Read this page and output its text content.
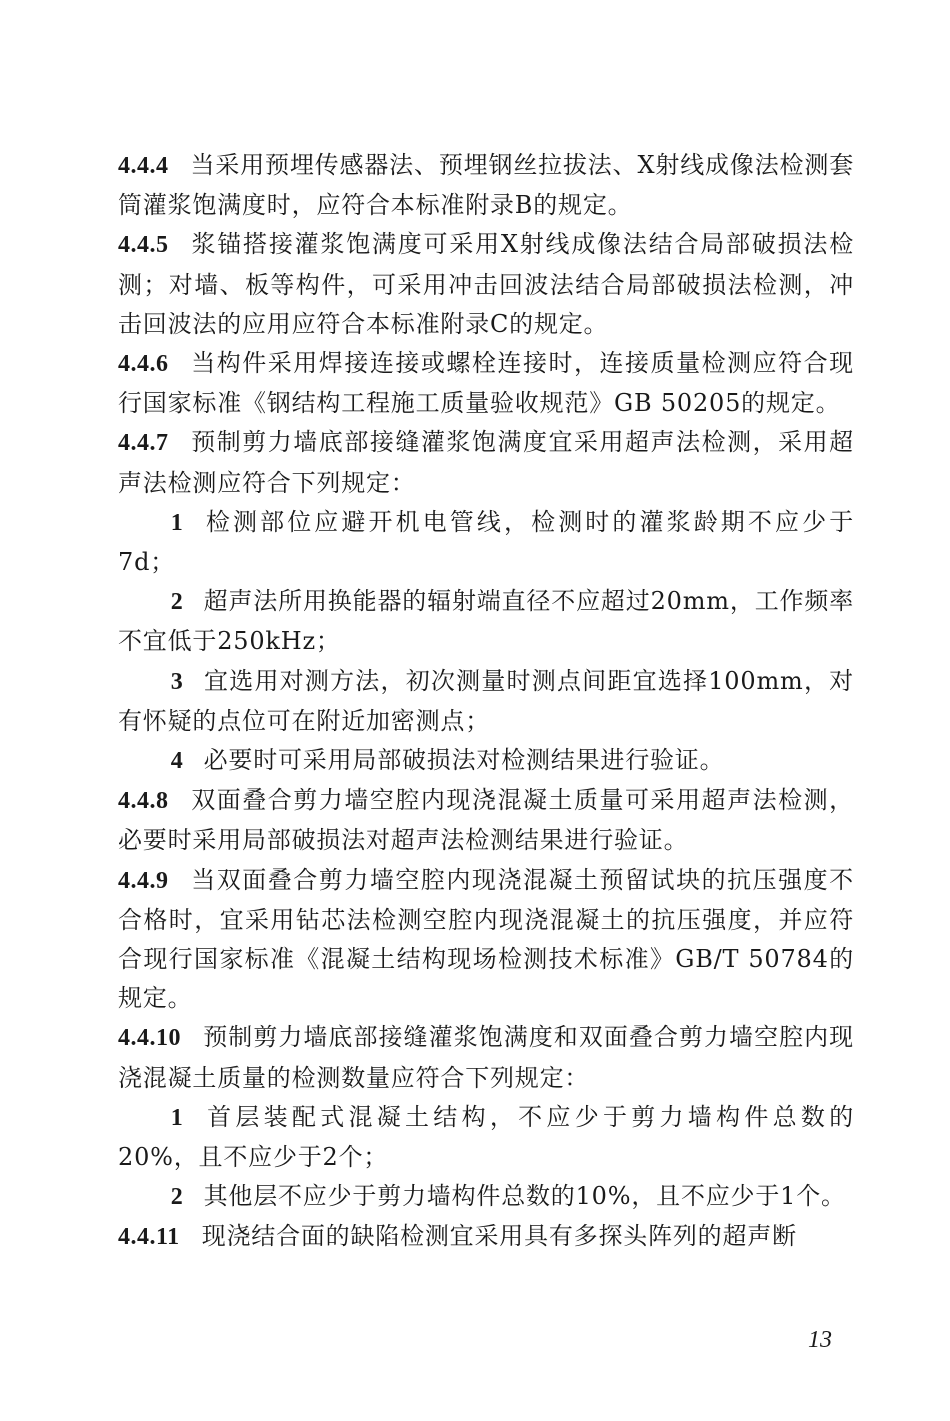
4.4.4 当采用预埋传感器法、预埋钢丝拉拔法、X射线成像法检测套筒灌浆饱满度时，应符合本标准附录B的规定。

4.4.5 浆锚搭接灌浆饱满度可采用X射线成像法结合局部破损法检测；对墙、板等构件，可采用冲击回波法结合局部破损法检测，冲击回波法的应用应符合本标准附录C的规定。

4.4.6 当构件采用焊接连接或螺栓连接时，连接质量检测应符合现行国家标准《钢结构工程施工质量验收规范》GB 50205的规定。

4.4.7 预制剪力墙底部接缝灌浆饱满度宜采用超声法检测，采用超声法检测应符合下列规定：

1 检测部位应避开机电管线，检测时的灌浆龄期不应少于7d；

2 超声法所用换能器的辐射端直径不应超过20mm，工作频率不宜低于250kHz；

3 宜选用对测方法，初次测量时测点间距宜选择100mm，对有怀疑的点位可在附近加密测点；

4 必要时可采用局部破损法对检测结果进行验证。

4.4.8 双面叠合剪力墙空腔内现浇混凝土质量可采用超声法检测，必要时采用局部破损法对超声法检测结果进行验证。

4.4.9 当双面叠合剪力墙空腔内现浇混凝土预留试块的抗压强度不合格时，宜采用钻芯法检测空腔内现浇混凝土的抗压强度，并应符合现行国家标准《混凝土结构现场检测技术标准》GB/T 50784的规定。

4.4.10 预制剪力墙底部接缝灌浆饱满度和双面叠合剪力墙空腔内现浇混凝土质量的检测数量应符合下列规定：

1 首层装配式混凝土结构，不应少于剪力墙构件总数的20%，且不应少于2个；

2 其他层不应少于剪力墙构件总数的10%，且不应少于1个。

4.4.11 现浇结合面的缺陷检测宜采用具有多探头阵列的超声断

13
